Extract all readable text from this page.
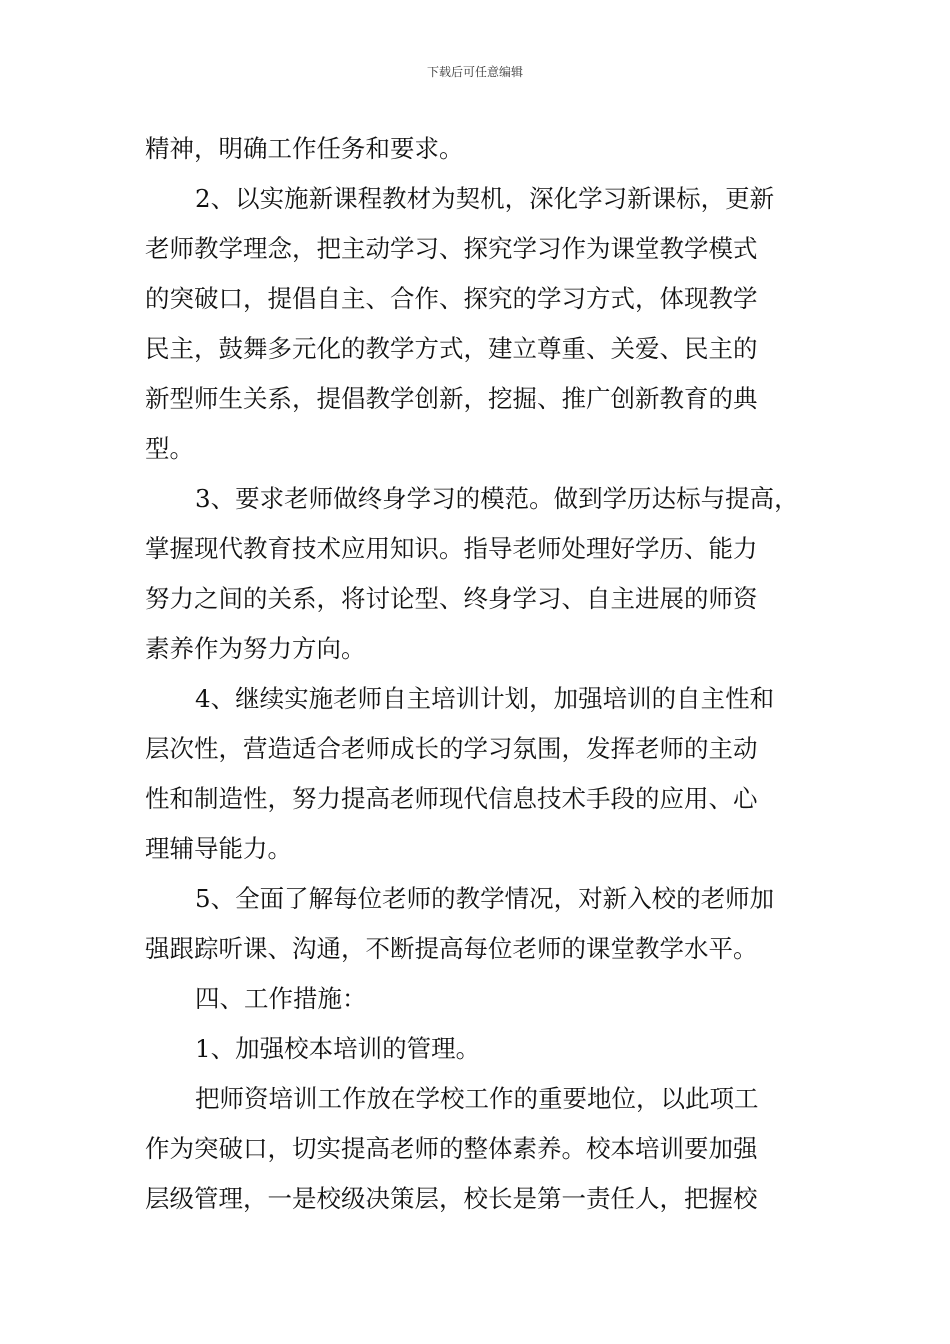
下载后可任意编辑
精神，明确工作任务和要求。
2、以实施新课程教材为契机，深化学习新课标，更新
老师教学理念，把主动学习、探究学习作为课堂教学模式
的突破口，提倡自主、合作、探究的学习方式，体现教学
民主，鼓舞多元化的教学方式，建立尊重、关爱、民主的
新型师生关系，提倡教学创新，挖掘、推广创新教育的典
型。
3、要求老师做终身学习的模范。做到学历达标与提高，
掌握现代教育技术应用知识。指导老师处理好学历、能力
努力之间的关系，将讨论型、终身学习、自主进展的师资
素养作为努力方向。
4、继续实施老师自主培训计划，加强培训的自主性和
层次性，营造适合老师成长的学习氛围，发挥老师的主动
性和制造性，努力提高老师现代信息技术手段的应用、心
理辅导能力。
5、全面了解每位老师的教学情况，对新入校的老师加
强跟踪听课、沟通，不断提高每位老师的课堂教学水平。
四、工作措施：
1、加强校本培训的管理。
把师资培训工作放在学校工作的重要地位，以此项工
作为突破口，切实提高老师的整体素养。校本培训要加强
层级管理，一是校级决策层，校长是第一责任人，把握校
